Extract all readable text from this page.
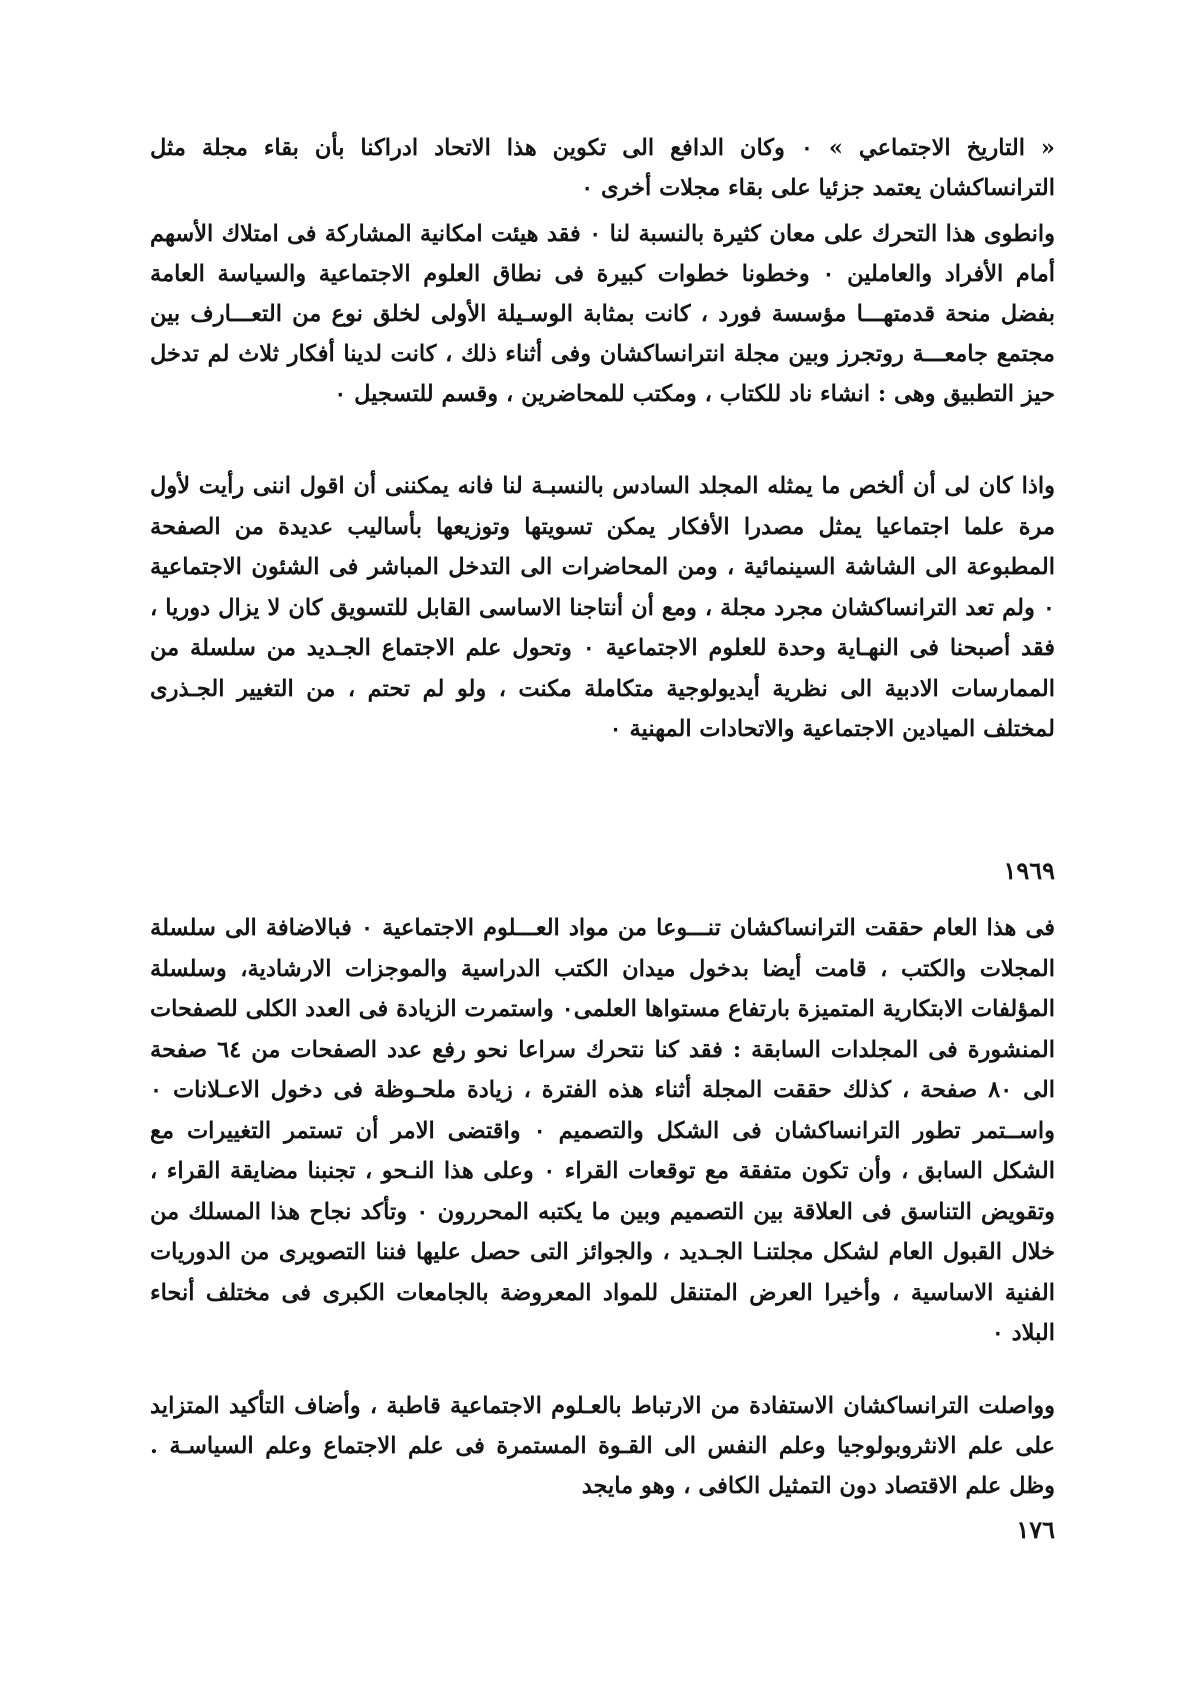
« التاريخ الاجتماعي » ٠ وكان الدافع الى تكوين هذا الاتحاد ادراكنا بأن بقاء مجلة مثل الترانساكشان يعتمد جزئيا على بقاء مجلات أخرى ٠

وانطوى هذا التحرك على معان كثيرة بالنسبة لنا ٠ فقد هيئت امكانية المشاركة فى امتلاك الأسهم أمام الأفراد والعاملين ٠ وخطونا خطوات كبيرة فى نطاق العلوم الاجتماعية والسياسة العامة بفضل منحة قدمتهـــا مؤسسة فورد ، كانت بمثابة الوسـيلة الأولى لخلق نوع من التعـــارف بين مجتمع جامعـــة روتجرز وبين مجلة انترانساكشان وفى أثناء ذلك ، كانت لدينا أفكار ثلاث لم تدخل حيز التطبيق وهى : انشاء ناد للكتاب ، ومكتب للمحاضرين ، وقسم للتسجيل ٠

واذا كان لى أن ألخص ما يمثله المجلد السادس بالنسبـة لنا فانه يمكننى أن اقول اننى رأيت لأول مرة علما اجتماعيا يمثل مصدرا الأفكار يمكن تسويتها وتوزيعها بأساليب عديدة من الصفحة المطبوعة الى الشاشة السينمائية ، ومن المحاضرات الى التدخل المباشر فى الشئون الاجتماعية ٠ ولم تعد الترانساكشان مجرد مجلة ، ومع أن أنتاجنا الاساسى القابل للتسويق كان لا يزال دوريا ، فقد أصبحنا فى النهـاية وحدة للعلوم الاجتماعية ٠ وتحول علم الاجتماع الجـديد من سلسلة من الممارسات الادبية الى نظرية أيديولوجية متكاملة مكنت ، ولو لم تحتم ، من التغيير الجـذرى لمختلف الميادين الاجتماعية والاتحادات المهنية ٠

١٩٦٩

فى هذا العام حققت الترانساكشان تنـــوعا من مواد العـــلوم الاجتماعية ٠ فبالاضافة الى سلسلة المجلات والكتب ، قامت أيضا بدخول ميدان الكتب الدراسية والموجزات الارشادية، وسلسلة المؤلفات الابتكارية المتميزة بارتفاع مستواها العلمى٠ واستمرت الزيادة فى العدد الكلى للصفحات المنشورة فى المجلدات السابقة : فقد كنا نتحرك سراعا نحو رفع عدد الصفحات من ٦٤ صفحة الى ٨٠ صفحة ، كذلك حققت المجلة أثناء هذه الفترة ، زيادة ملحـوظة فى دخول الاعـلانات ٠ واســتمر تطور الترانساكشان فى الشكل والتصميم ٠ واقتضى الامر أن تستمر التغييرات مع الشكل السابق ، وأن تكون متفقة مع توقعات القراء ٠ وعلى هذا النـحو ، تجنبنا مضايقة القراء ، وتقويض التناسق فى العلاقة بين التصميم وبين ما يكتبه المحررون ٠ وتأكد نجاح هذا المسلك من خلال القبول العام لشكل مجلتنـا الجـديد ، والجوائز التى حصل عليها فننا التصويرى من الدوريات الفنية الاساسية ، وأخيرا العرض المتنقل للمواد المعروضة بالجامعات الكبرى فى مختلف أنحاء البلاد ٠

وواصلت الترانساكشان الاستفادة من الارتباط بالعـلوم الاجتماعية قاطبة ، وأضاف التأكيد المتزايد على علم الانثروبولوجيا وعلم النفس الى القـوة المستمرة فى علم الاجتماع وعلم السياسـة . وظل علم الاقتصاد دون التمثيل الكافى ، وهو مايجد

١٧٦
